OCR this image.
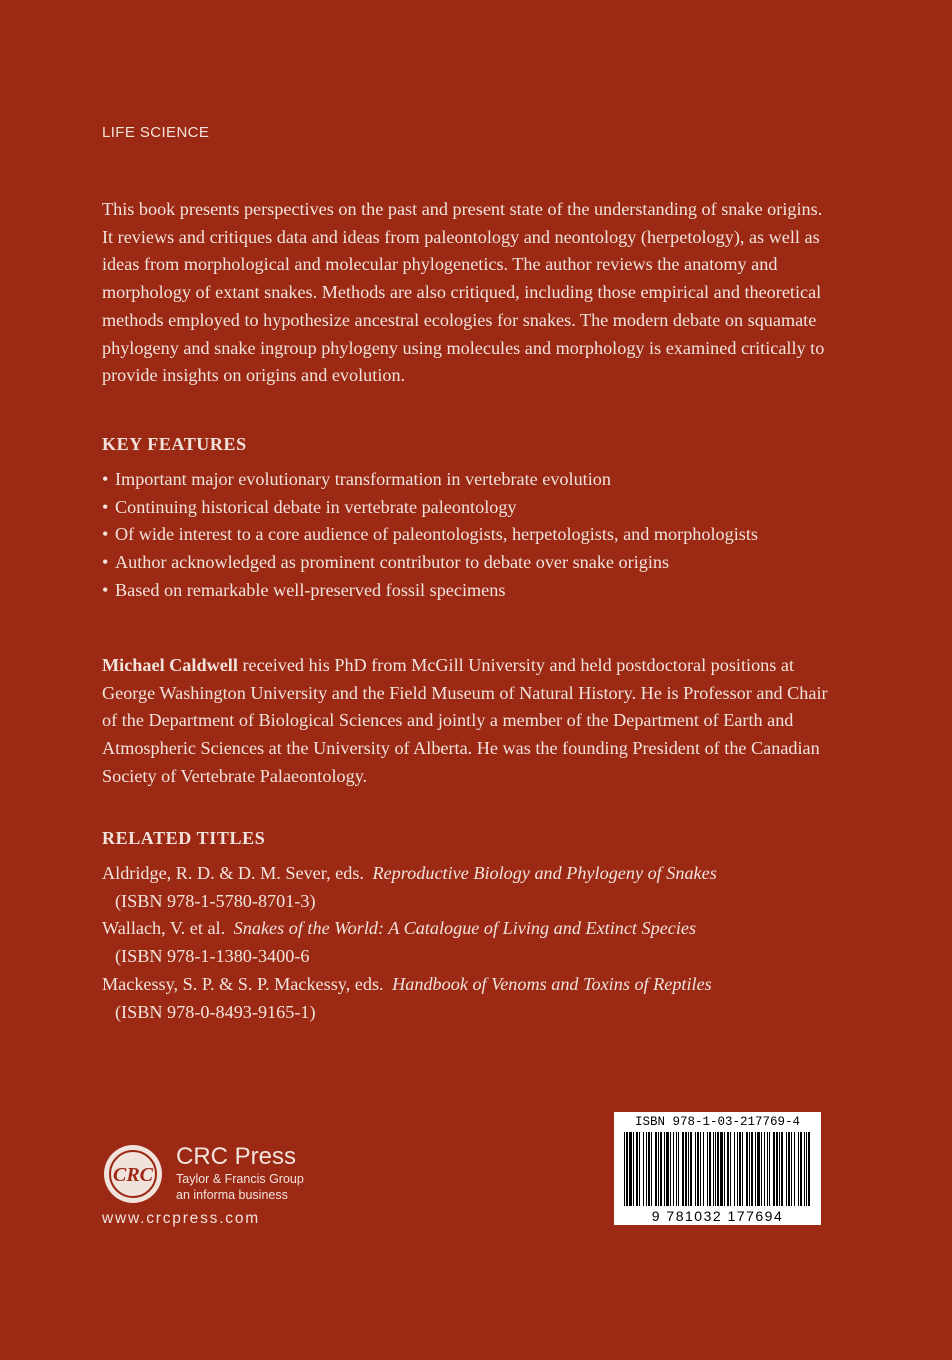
LIFE SCIENCE

This book presents perspectives on the past and present state of the understanding of snake origins. It reviews and critiques data and ideas from paleontology and neontology (herpetology), as well as ideas from morphological and molecular phylogenetics. The author reviews the anatomy and morphology of extant snakes. Methods are also critiqued, including those empirical and theoretical methods employed to hypothesize ancestral ecologies for snakes. The modern debate on squamate phylogeny and snake ingroup phylogeny using molecules and morphology is examined critically to provide insights on origins and evolution.

KEY FEATURES
• Important major evolutionary transformation in vertebrate evolution
• Continuing historical debate in vertebrate paleontology
• Of wide interest to a core audience of paleontologists, herpetologists, and morphologists
• Author acknowledged as prominent contributor to debate over snake origins
• Based on remarkable well-preserved fossil specimens

Michael Caldwell received his PhD from McGill University and held postdoctoral positions at George Washington University and the Field Museum of Natural History. He is Professor and Chair of the Department of Biological Sciences and jointly a member of the Department of Earth and Atmospheric Sciences at the University of Alberta. He was the founding President of the Canadian Society of Vertebrate Palaeontology.

RELATED TITLES
Aldridge, R. D. & D. M. Sever, eds. Reproductive Biology and Phylogeny of Snakes
(ISBN 978-1-5780-8701-3)
Wallach, V. et al. Snakes of the World: A Catalogue of Living and Extinct Species
(ISBN 978-1-1380-3400-6
Mackessy, S. P. & S. P. Mackessy, eds. Handbook of Venoms and Toxins of Reptiles
(ISBN 978-0-8493-9165-1)
CRC
CRC Press
Taylor & Francis Group
an informa business
www.crcpress.com
ISBN 978-1-03-217769-4
9 781032 177694
